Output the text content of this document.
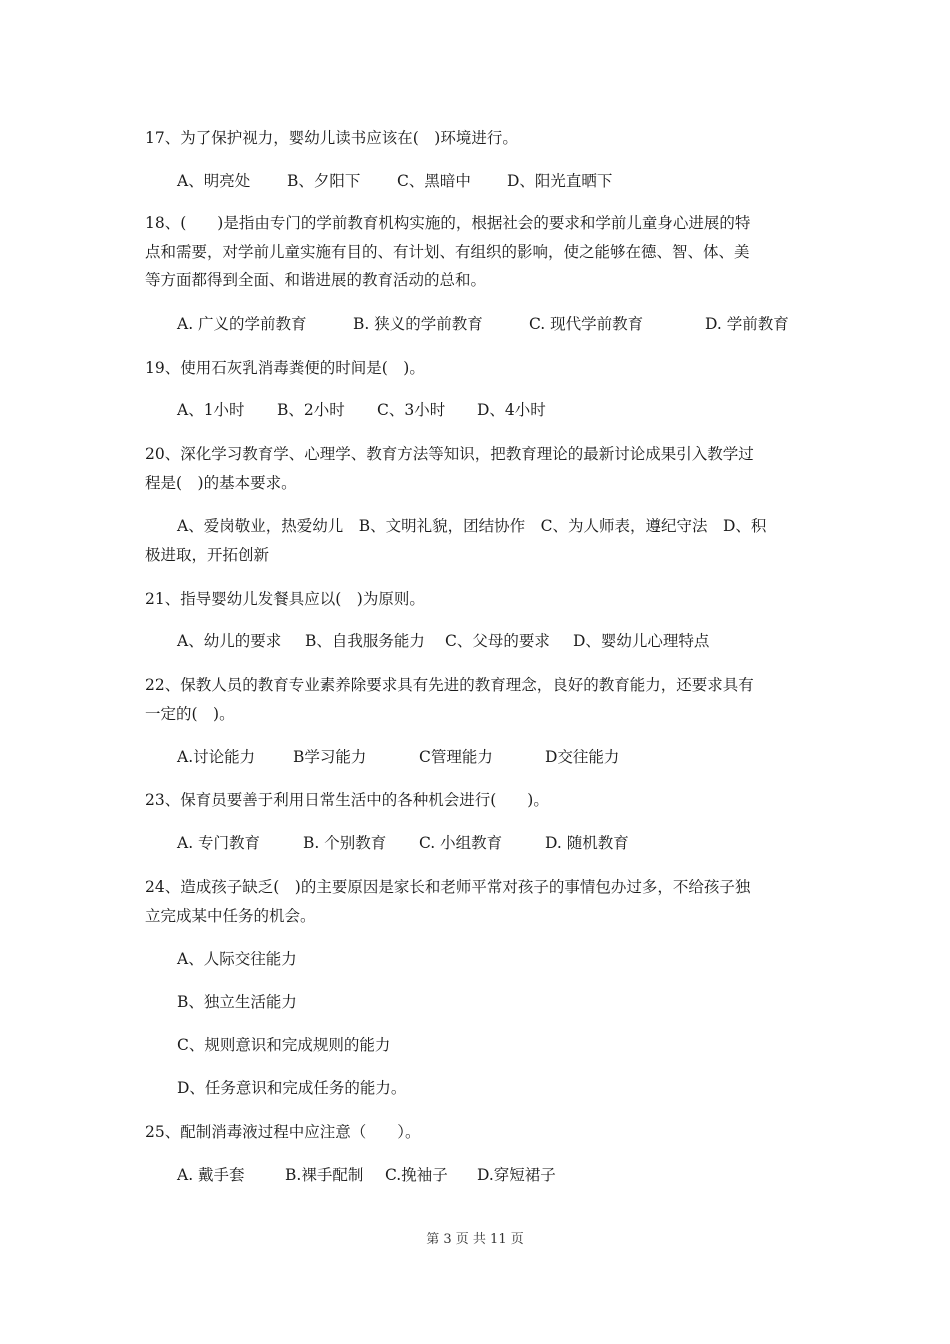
17、为了保护视力，婴幼儿读书应该在(　)环境进行。
A、明亮处 B、夕阳下 C、黑暗中 D、阳光直晒下
18、(　　)是指由专门的学前教育机构实施的，根据社会的要求和学前儿童身心进展的特
点和需要，对学前儿童实施有目的、有计划、有组织的影响，使之能够在德、智、体、美
等方面都得到全面、和谐进展的教育活动的总和。
A. 广义的学前教育	B. 狭义的学前教育	C. 现代学前教育	D. 学前教育
19、使用石灰乳消毒粪便的时间是(　)。
A、1小时 B、2小时 C、3小时 D、4小时
20、深化学习教育学、心理学、教育方法等知识，把教育理论的最新讨论成果引入教学过
程是(　)的基本要求。
A、爱岗敬业，热爱幼儿　B、文明礼貌，团结协作　C、为人师表，遵纪守法　D、积
极进取，开拓创新
21、指导婴幼儿发餐具应以(　)为原则。
A、幼儿的要求 B、自我服务能力 C、父母的要求 D、婴幼儿心理特点
22、保教人员的教育专业素养除要求具有先进的教育理念，良好的教育能力，还要求具有
一定的(　)。
A.讨论能力 B学习能力	C管理能力	D交往能力
23、保育员要善于利用日常生活中的各种机会进行(　　)。
A. 专门教育	B. 个别教育 C. 小组教育	D. 随机教育
24、造成孩子缺乏(　)的主要原因是家长和老师平常对孩子的事情包办过多，不给孩子独
立完成某中任务的机会。
A、人际交往能力
B、独立生活能力
C、规则意识和完成规则的能力
D、任务意识和完成任务的能力。
25、配制消毒液过程中应注意（　　）。
A. 戴手套	B.裸手配制 C.挽袖子 D.穿短裙子
第 3 页 共 11 页
